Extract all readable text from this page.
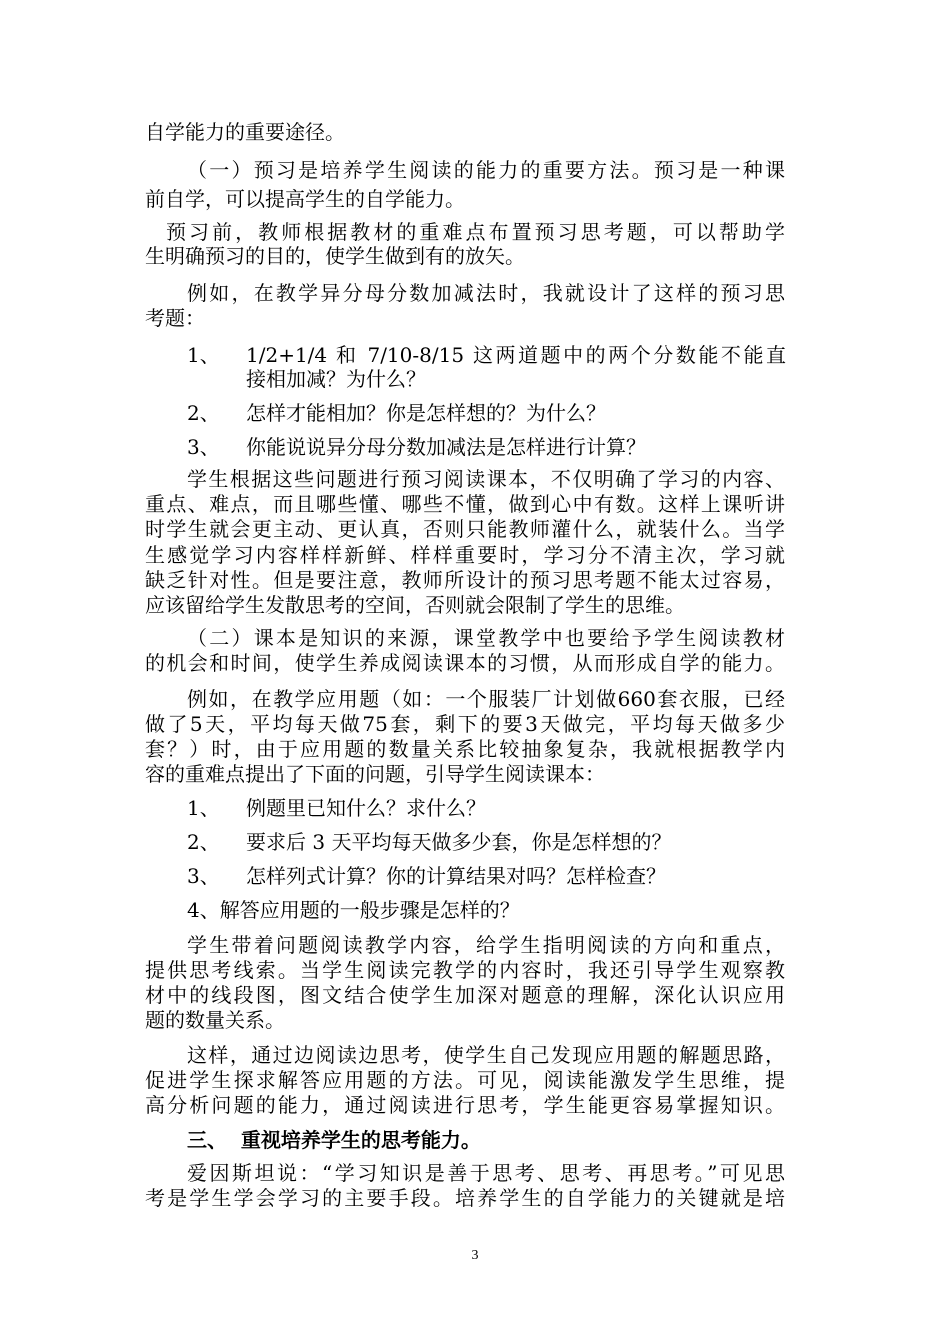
自学能力的重要途径。
（一）预习是培养学生阅读的能力的重要方法。预习是一种课
前自学，可以提高学生的自学能力。
预习前，教师根据教材的重难点布置预习思考题，可以帮助学
生明确预习的目的，使学生做到有的放矢。
例如，在教学异分母分数加减法时，我就设计了这样的预习思
考题：
1、 1/2+1/4 和 7/10-8/15 这两道题中的两个分数能不能直
接相加减？为什么？
2、 怎样才能相加？你是怎样想的？为什么？
3、 你能说说异分母分数加减法是怎样进行计算？
学生根据这些问题进行预习阅读课本，不仅明确了学习的内容、
重点、难点，而且哪些懂、哪些不懂，做到心中有数。这样上课听讲
时学生就会更主动、更认真，否则只能教师灌什么，就装什么。当学
生感觉学习内容样样新鲜、样样重要时，学习分不清主次，学习就
缺乏针对性。但是要注意，教师所设计的预习思考题不能太过容易，
应该留给学生发散思考的空间，否则就会限制了学生的思维。
（二）课本是知识的来源，课堂教学中也要给予学生阅读教材
的机会和时间，使学生养成阅读课本的习惯，从而形成自学的能力。
例如，在教学应用题（如：一个服装厂计划做660套衣服，已经
做了5天，平均每天做75套，剩下的要3天做完，平均每天做多少
套？）时，由于应用题的数量关系比较抽象复杂，我就根据教学内
容的重难点提出了下面的问题，引导学生阅读课本：
1、 例题里已知什么？求什么？
2、 要求后 3 天平均每天做多少套，你是怎样想的？
3、 怎样列式计算？你的计算结果对吗？怎样检查？
4、解答应用题的一般步骤是怎样的？
学生带着问题阅读教学内容，给学生指明阅读的方向和重点，
提供思考线索。当学生阅读完教学的内容时，我还引导学生观察教
材中的线段图，图文结合使学生加深对题意的理解，深化认识应用
题的数量关系。
这样，通过边阅读边思考，使学生自己发现应用题的解题思路，
促进学生探求解答应用题的方法。可见，阅读能激发学生思维，提
高分析问题的能力，通过阅读进行思考，学生能更容易掌握知识。
三、  重视培养学生的思考能力。
爱因斯坦说：“学习知识是善于思考、思考、再思考。”可见思
考是学生学会学习的主要手段。培养学生的自学能力的关键就是培
3
